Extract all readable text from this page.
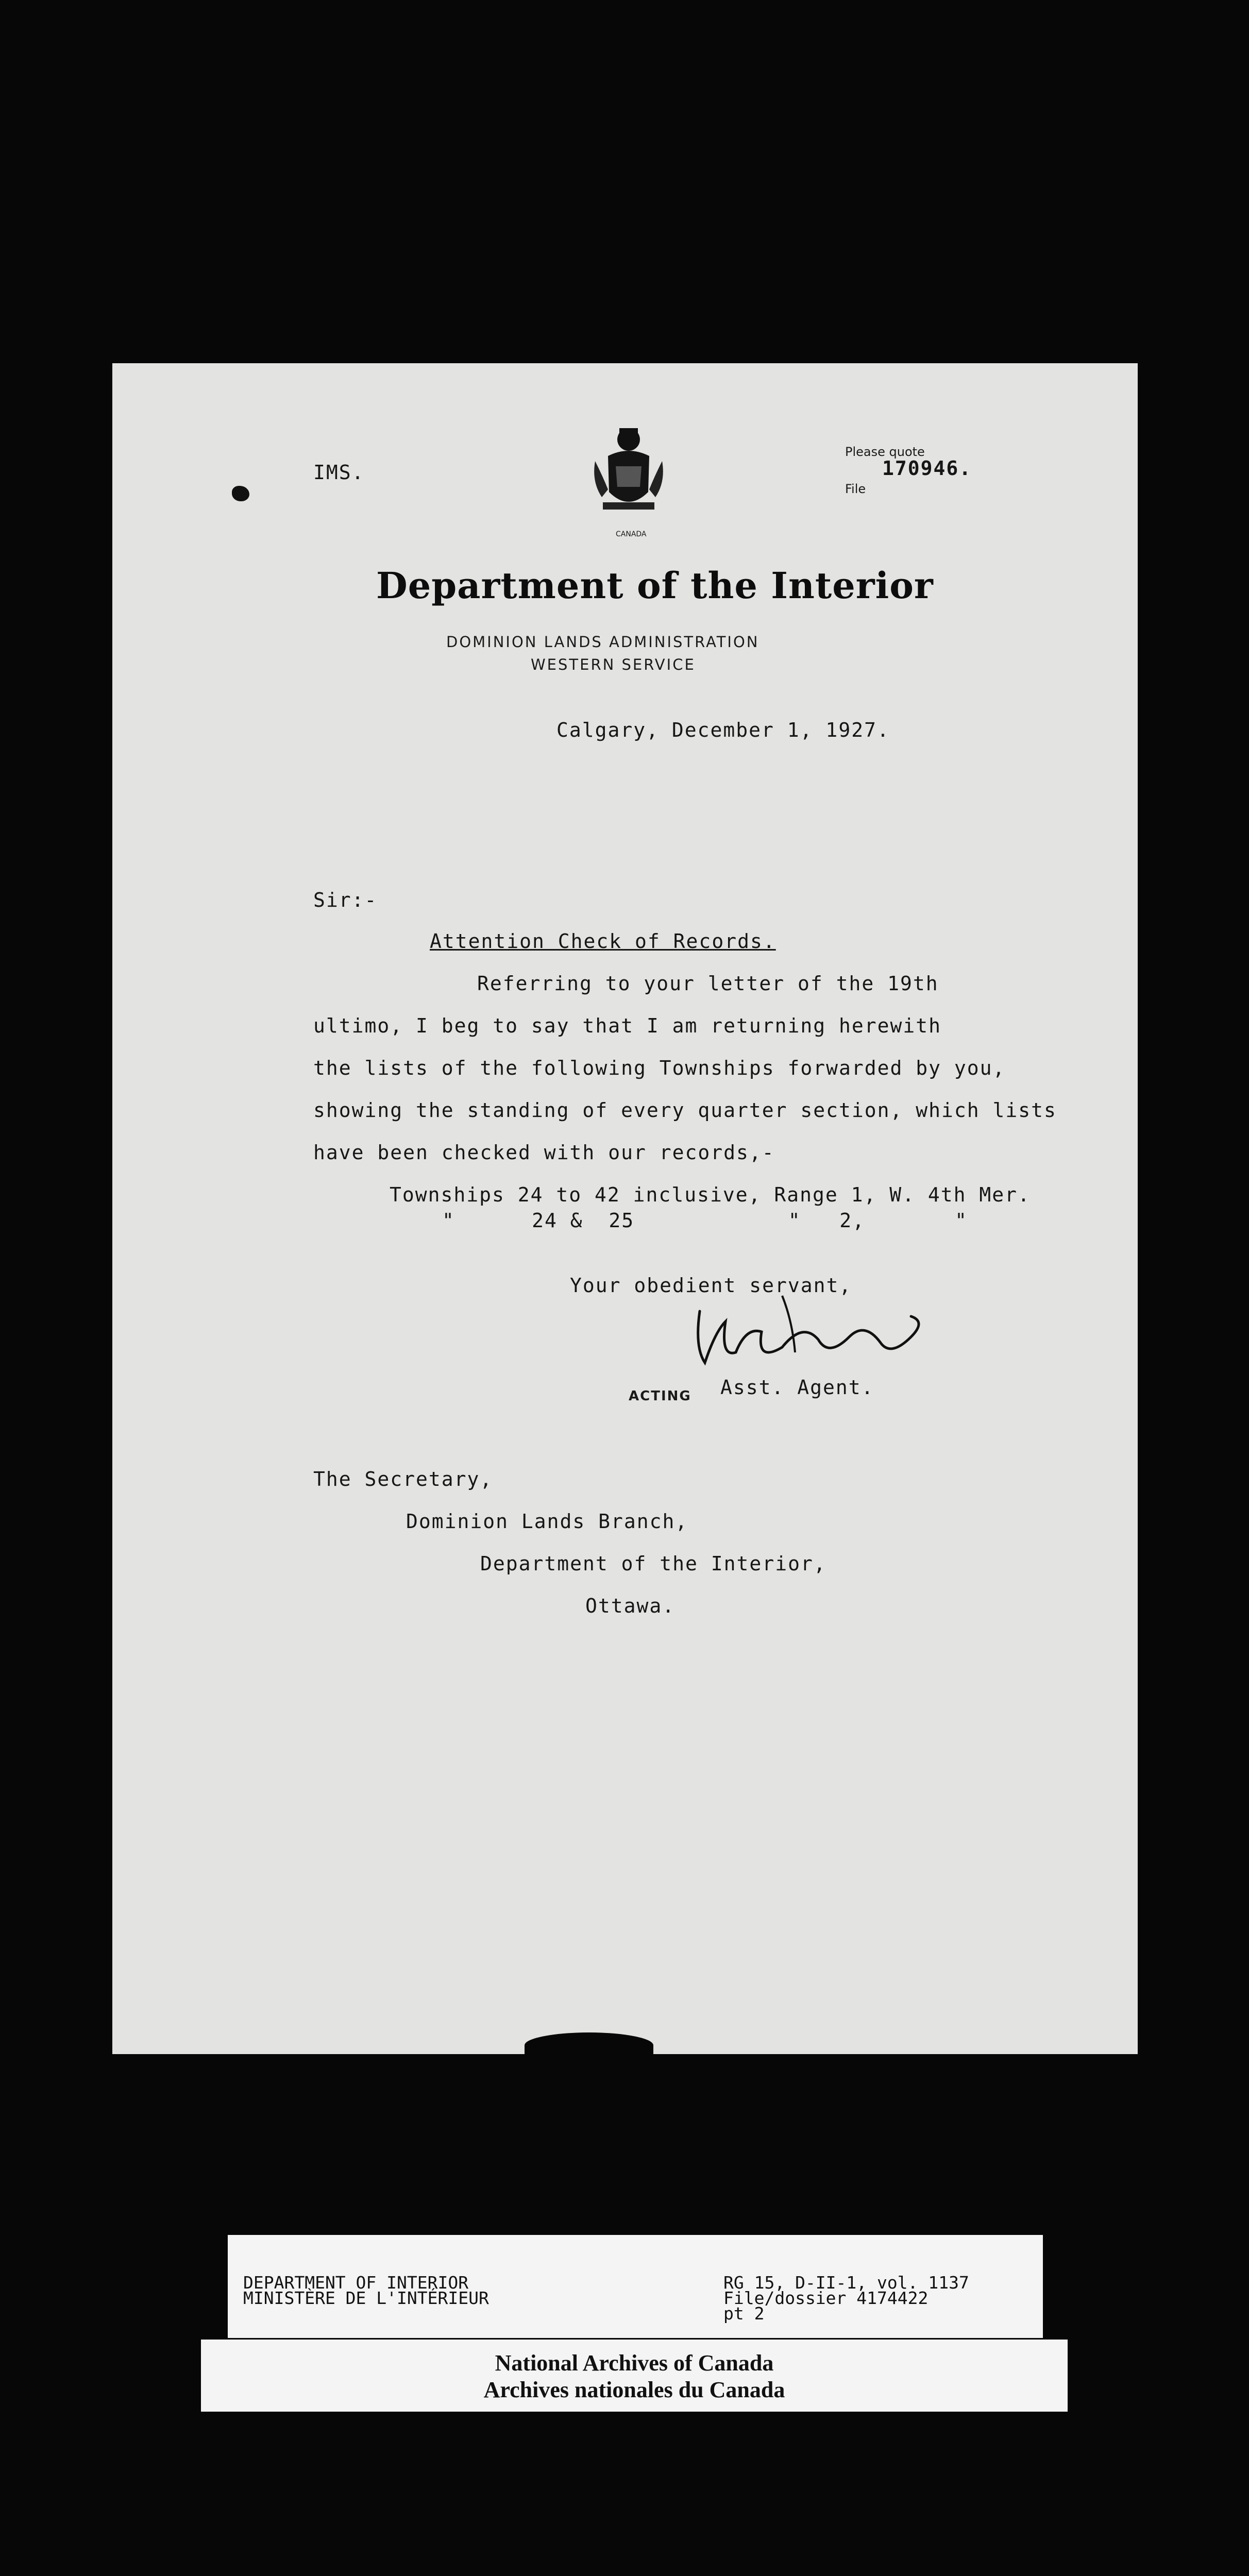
IMS.
CANADA
Please quote
File
170946.
Department of the Interior
DOMINION LANDS ADMINISTRATION
WESTERN SERVICE
Calgary, December 1, 1927.
Sir:-
Attention Check of Records.
Referring to your letter of the 19th
ultimo, I beg to say that I am returning herewith
the lists of the following Townships forwarded by you,
showing the standing of every quarter section, which lists
have been checked with our records,-
Townships 24 to 42 inclusive, Range 1, W. 4th Mer.
"      24 &  25            "   2,       "
Your obedient servant,
ACTING Asst. Agent.
The Secretary,
Dominion Lands Branch,
Department of the Interior,
Ottawa.
DEPARTMENT OF INTERIOR
MINISTÈRE DE L'INTÉRIEUR
RG 15, D-II-1, vol. 1137
File/dossier 4174422
pt 2
National Archives of Canada
Archives nationales du Canada
